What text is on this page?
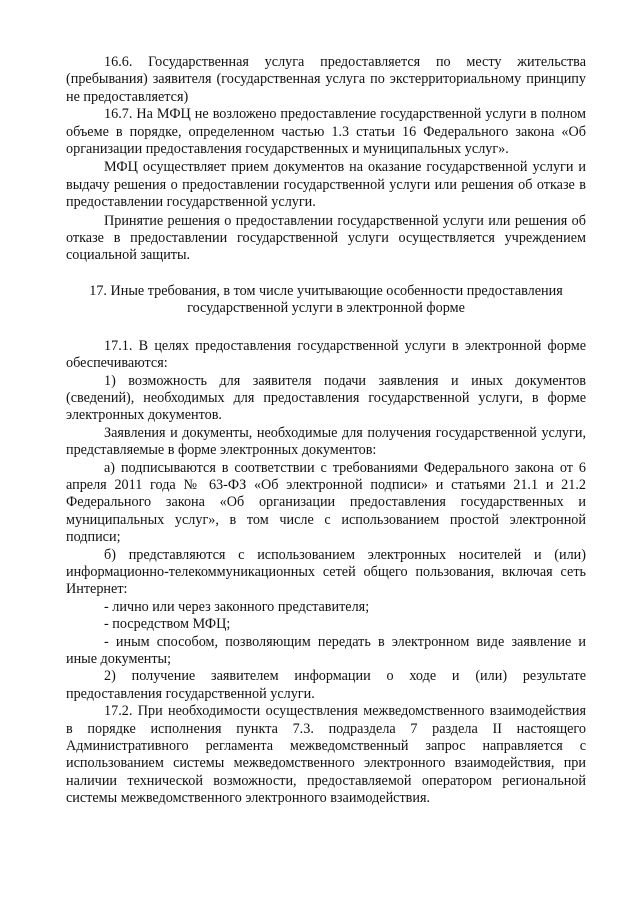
16.6. Государственная услуга предоставляется по месту жительства (пребывания) заявителя (государственная услуга по экстерриториальному принципу не предоставляется)

16.7. На МФЦ не возложено предоставление государственной услуги в полном объеме в порядке, определенном частью 1.3 статьи 16 Федерального закона «Об организации предоставления государственных и муниципальных услуг».

МФЦ осуществляет прием документов на оказание государственной услуги и выдачу решения о предоставлении государственной услуги или решения об отказе в предоставлении государственной услуги.

Принятие решения о предоставлении государственной услуги или решения об отказе в предоставлении государственной услуги осуществляется учреждением социальной защиты.

17. Иные требования, в том числе учитывающие особенности предоставления государственной услуги в электронной форме

17.1. В целях предоставления государственной услуги в электронной форме обеспечиваются:

1) возможность для заявителя подачи заявления и иных документов (сведений), необходимых для предоставления государственной услуги, в форме электронных документов.

Заявления и документы, необходимые для получения государственной услуги, представляемые в форме электронных документов:

а) подписываются в соответствии с требованиями Федерального закона от 6 апреля 2011 года № 63-ФЗ «Об электронной подписи» и статьями 21.1 и 21.2 Федерального закона «Об организации предоставления государственных и муниципальных услуг», в том числе с использованием простой электронной подписи;

б) представляются с использованием электронных носителей и (или) информационно-телекоммуникационных сетей общего пользования, включая сеть Интернет:

- лично или через законного представителя;

- посредством МФЦ;

- иным способом, позволяющим передать в электронном виде заявление и иные документы;

2) получение заявителем информации о ходе и (или) результате предоставления государственной услуги.

17.2. При необходимости осуществления межведомственного взаимодействия в порядке исполнения пункта 7.3. подраздела 7 раздела II настоящего Административного регламента межведомственный запрос направляется с использованием системы межведомственного электронного взаимодействия, при наличии технической возможности, предоставляемой оператором региональной системы межведомственного электронного взаимодействия.
